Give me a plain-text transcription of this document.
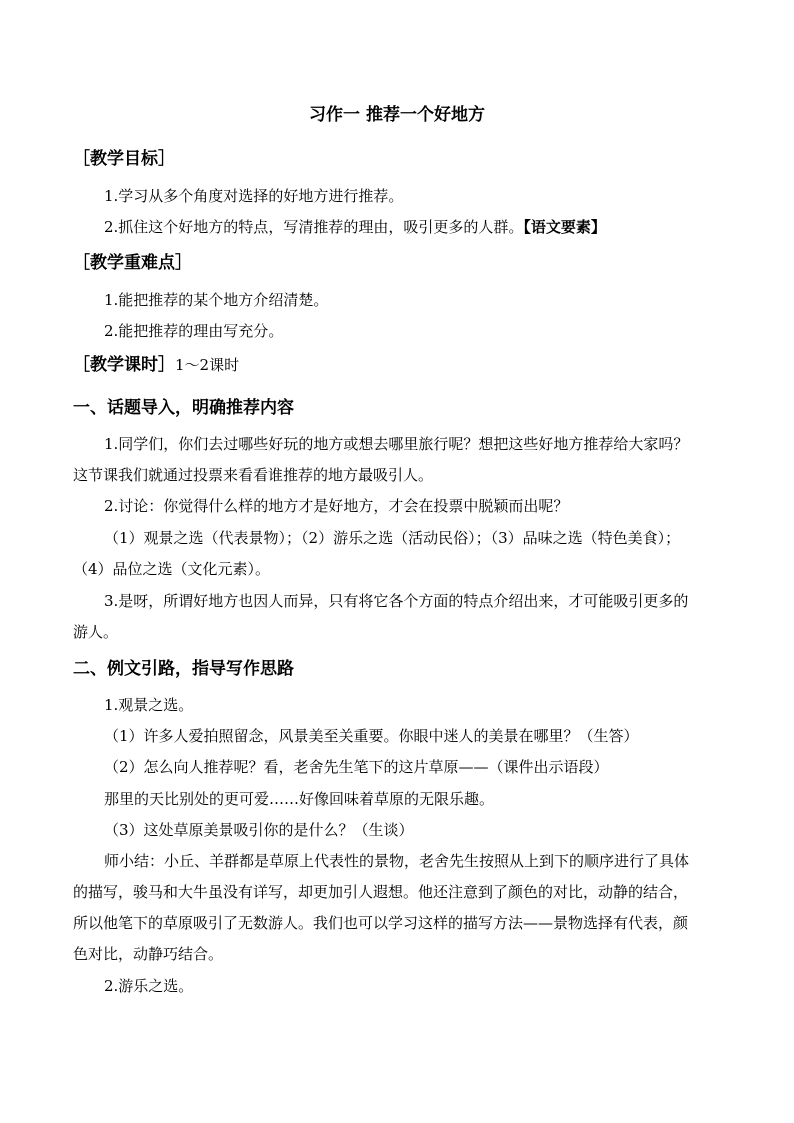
习作一 推荐一个好地方
［教学目标］
1.学习从多个角度对选择的好地方进行推荐。
2.抓住这个好地方的特点，写清推荐的理由，吸引更多的人群。【语文要素】
［教学重难点］
1.能把推荐的某个地方介绍清楚。
2.能把推荐的理由写充分。
［教学课时］1～2课时
一、话题导入，明确推荐内容
1.同学们，你们去过哪些好玩的地方或想去哪里旅行呢？想把这些好地方推荐给大家吗？
这节课我们就通过投票来看看谁推荐的地方最吸引人。
2.讨论：你觉得什么样的地方才是好地方，才会在投票中脱颖而出呢？
（1）观景之选（代表景物）；（2）游乐之选（活动民俗）；（3）品味之选（特色美食）；
（4）品位之选（文化元素）。
3.是呀，所谓好地方也因人而异，只有将它各个方面的特点介绍出来，才可能吸引更多的
游人。
二、例文引路，指导写作思路
1.观景之选。
（1）许多人爱拍照留念，风景美至关重要。你眼中迷人的美景在哪里？（生答）
（2）怎么向人推荐呢？看，老舍先生笔下的这片草原——（课件出示语段）
那里的天比别处的更可爱……好像回味着草原的无限乐趣。
（3）这处草原美景吸引你的是什么？（生谈）
师小结：小丘、羊群都是草原上代表性的景物，老舍先生按照从上到下的顺序进行了具体
的描写，骏马和大牛虽没有详写，却更加引人遐想。他还注意到了颜色的对比，动静的结合，
所以他笔下的草原吸引了无数游人。我们也可以学习这样的描写方法——景物选择有代表，颜
色对比，动静巧结合。
2.游乐之选。
